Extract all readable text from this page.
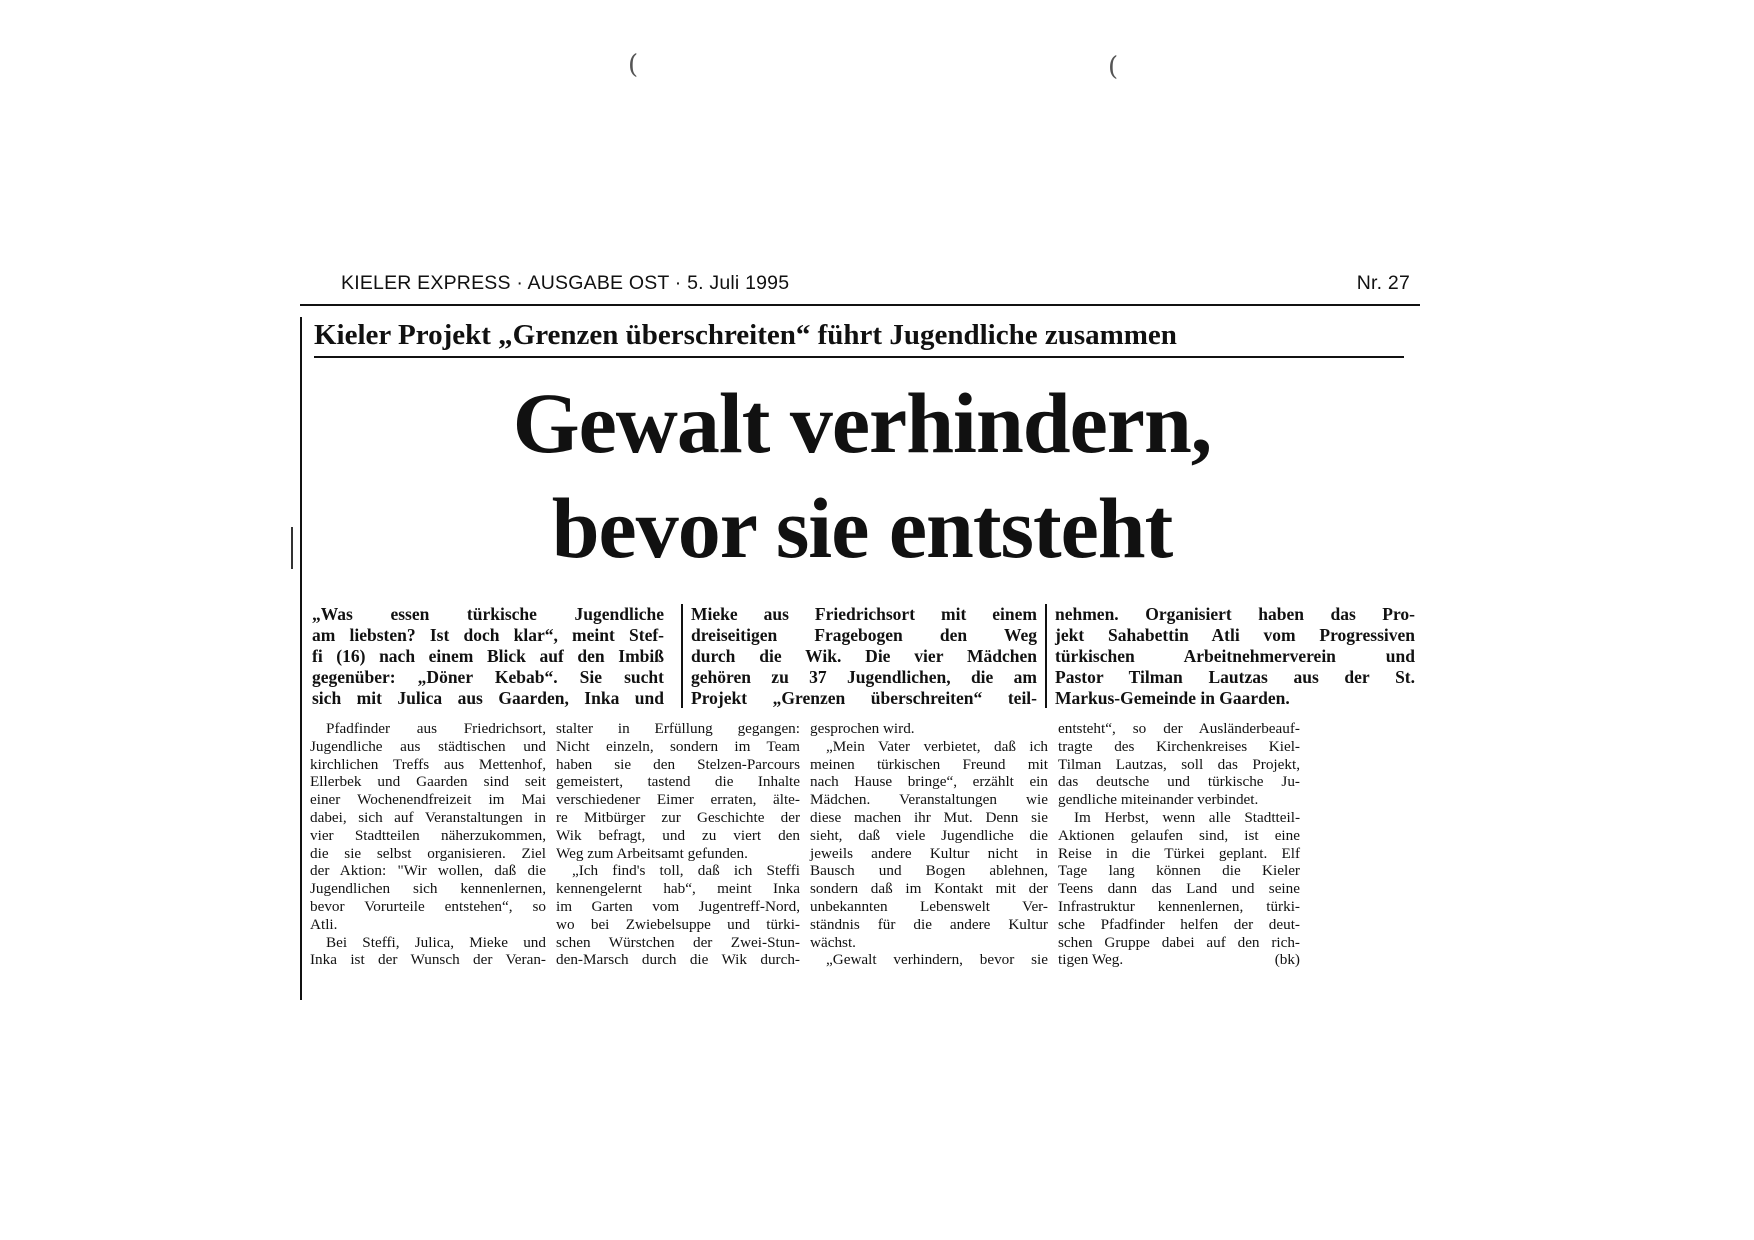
(	(
KIELER EXPRESS · AUSGABE OST · 5. Juli 1995	Nr. 27
Kieler Projekt „Grenzen überschreiten“ führt Jugendliche zusammen
Gewalt verhindern,
bevor sie entsteht
„Was essen türkische Jugendliche
am liebsten? Ist doch klar“, meint Stef-
fi (16) nach einem Blick auf den Imbiß
gegenüber: „Döner Kebab“. Sie sucht
sich mit Julica aus Gaarden, Inka und
Mieke aus Friedrichsort mit einem
dreiseitigen Fragebogen den Weg
durch die Wik. Die vier Mädchen
gehören zu 37 Jugendlichen, die am
Projekt „Grenzen überschreiten“ teil-
nehmen. Organisiert haben das Pro-
jekt Sahabettin Atli vom Progressiven
türkischen Arbeitnehmerverein und
Pastor Tilman Lautzas aus der St.
Markus-Gemeinde in Gaarden.
Pfadfinder aus Friedrichsort,
Jugendliche aus städtischen und
kirchlichen Treffs aus Mettenhof,
Ellerbek und Gaarden sind seit
einer Wochenendfreizeit im Mai
dabei, sich auf Veranstaltungen in
vier Stadtteilen näherzukommen,
die sie selbst organisieren. Ziel
der Aktion: "Wir wollen, daß die
Jugendlichen sich kennenlernen,
bevor Vorurteile entstehen“, so
Atli.
Bei Steffi, Julica, Mieke und
Inka ist der Wunsch der Veran-
stalter in Erfüllung gegangen:
Nicht einzeln, sondern im Team
haben sie den Stelzen-Parcours
gemeistert, tastend die Inhalte
verschiedener Eimer erraten, älte-
re Mitbürger zur Geschichte der
Wik befragt, und zu viert den
Weg zum Arbeitsamt gefunden.
„Ich find's toll, daß ich Steffi
kennengelernt hab“, meint Inka
im Garten vom Jugentreff-Nord,
wo bei Zwiebelsuppe und türki-
schen Würstchen der Zwei-Stun-
den-Marsch durch die Wik durch-
gesprochen wird.
„Mein Vater verbietet, daß ich
meinen türkischen Freund mit
nach Hause bringe“, erzählt ein
Mädchen. Veranstaltungen wie
diese machen ihr Mut. Denn sie
sieht, daß viele Jugendliche die
jeweils andere Kultur nicht in
Bausch und Bogen ablehnen,
sondern daß im Kontakt mit der
unbekannten Lebenswelt Ver-
ständnis für die andere Kultur
wächst.
„Gewalt verhindern, bevor sie
entsteht“, so der Ausländerbeauf-
tragte des Kirchenkreises Kiel-
Tilman Lautzas, soll das Projekt,
das deutsche und türkische Ju-
gendliche miteinander verbindet.
Im Herbst, wenn alle Stadtteil-
Aktionen gelaufen sind, ist eine
Reise in die Türkei geplant. Elf
Tage lang können die Kieler
Teens dann das Land und seine
Infrastruktur kennenlernen, türki-
sche Pfadfinder helfen der deut-
schen Gruppe dabei auf den rich-
tigen Weg.	(bk)
